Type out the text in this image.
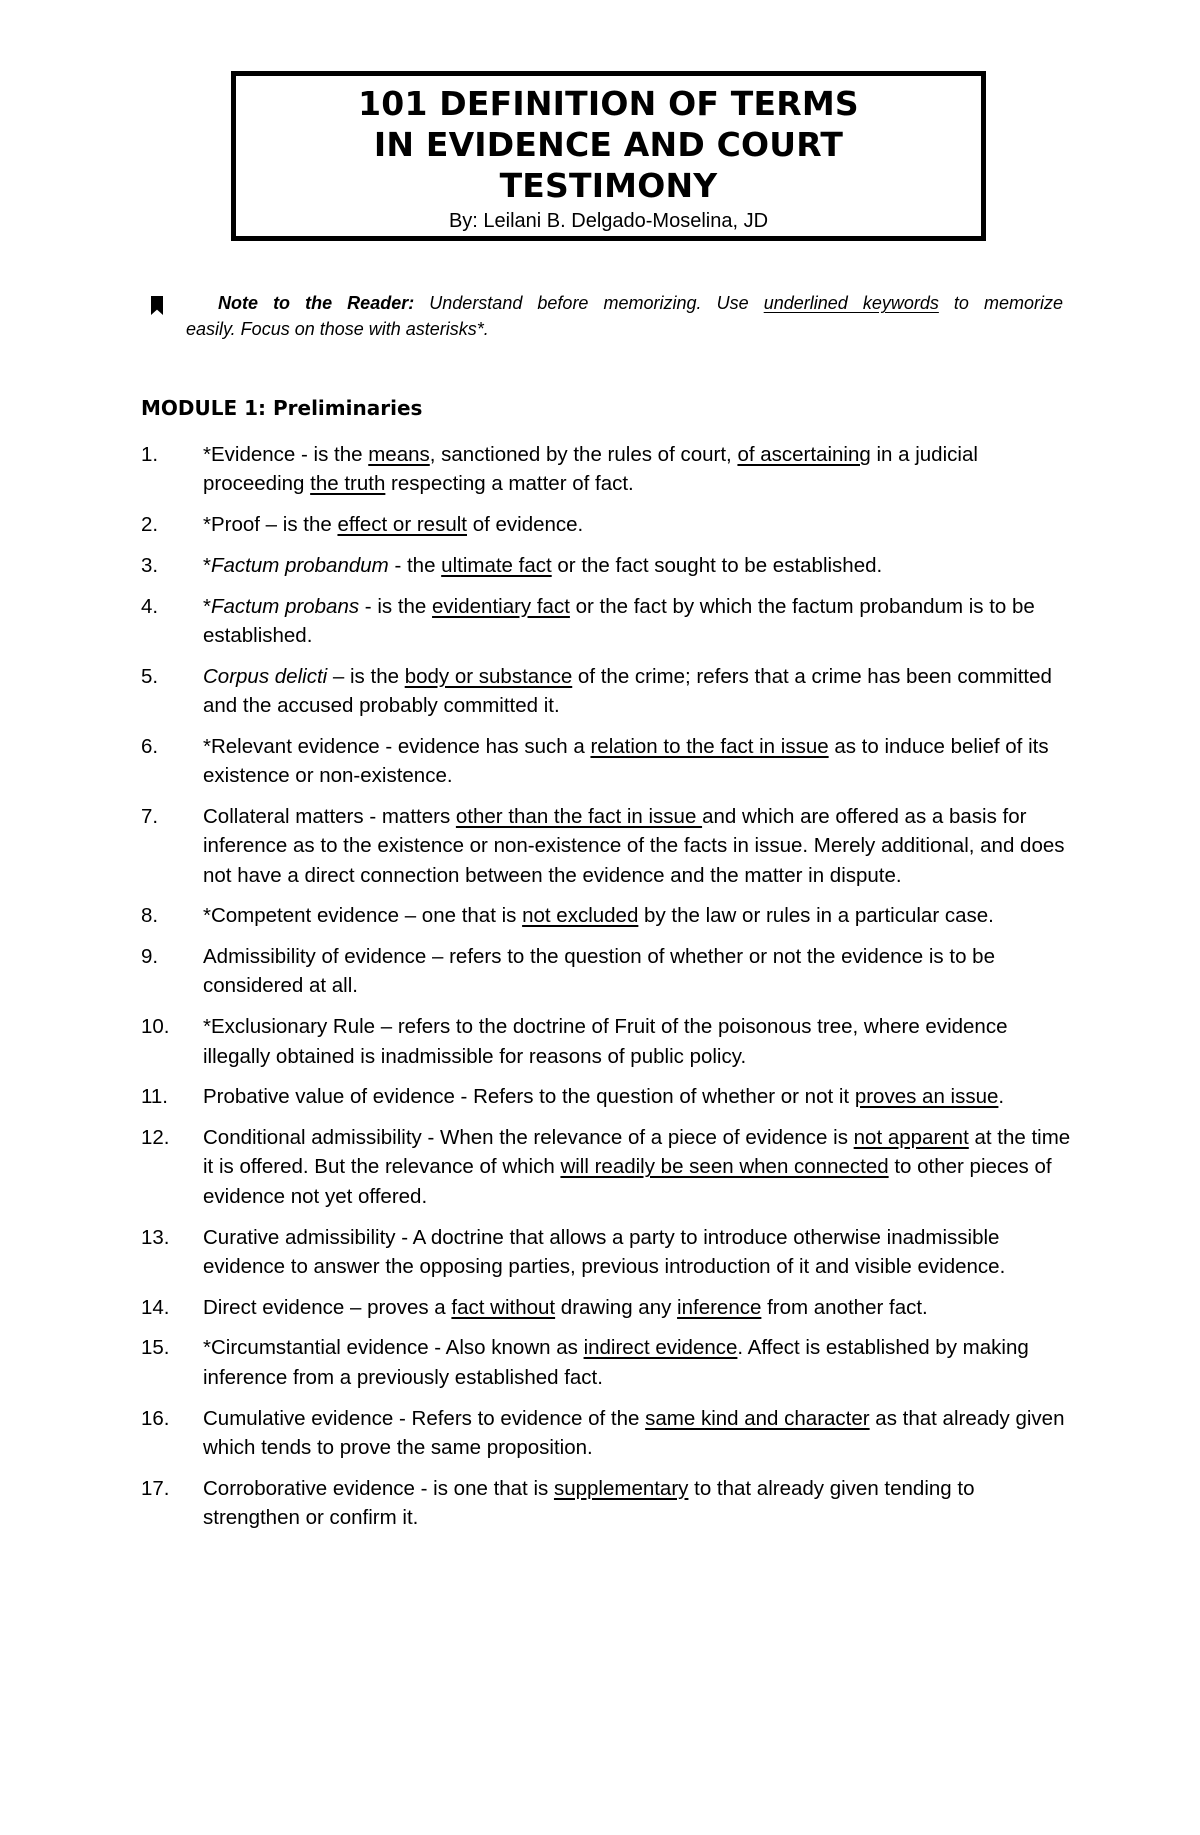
101 DEFINITION OF TERMS
IN EVIDENCE AND COURT
TESTIMONY
By: Leilani B. Delgado-Moselina, JD
Note to the Reader: Understand before memorizing. Use underlined keywords to memorize
easily. Focus on those with asterisks*.
MODULE 1: Preliminaries
1.	*Evidence - is the means, sanctioned by the rules of court, of ascertaining in a judicial proceeding the truth respecting a matter of fact.
2.	*Proof – is the effect or result of evidence.
3.	*Factum probandum - the ultimate fact or the fact sought to be established.
4.	*Factum probans - is the evidentiary fact or the fact by which the factum probandum is to be established.
5.	Corpus delicti – is the body or substance of the crime; refers that a crime has been committed and the accused probably committed it.
6.	*Relevant evidence - evidence has such a relation to the fact in issue as to induce belief of its existence or non-existence.
7.	Collateral matters - matters other than the fact in issue and which are offered as a basis for inference as to the existence or non-existence of the facts in issue. Merely additional, and does not have a direct connection between the evidence and the matter in dispute.
8.	*Competent evidence – one that is not excluded by the law or rules in a particular case.
9.	Admissibility of evidence – refers to the question of whether or not the evidence is to be considered at all.
10.	*Exclusionary Rule – refers to the doctrine of Fruit of the poisonous tree, where evidence illegally obtained is inadmissible for reasons of public policy.
11.	Probative value of evidence - Refers to the question of whether or not it proves an issue.
12.	Conditional admissibility - When the relevance of a piece of evidence is not apparent at the time it is offered. But the relevance of which will readily be seen when connected to other pieces of evidence not yet offered.
13.	Curative admissibility - A doctrine that allows a party to introduce otherwise inadmissible evidence to answer the opposing parties, previous introduction of it and visible evidence.
14.	Direct evidence – proves a fact without drawing any inference from another fact.
15.	*Circumstantial evidence - Also known as indirect evidence. Affect is established by making inference from a previously established fact.
16.	Cumulative evidence - Refers to evidence of the same kind and character as that already given which tends to prove the same proposition.
17.	Corroborative evidence - is one that is supplementary to that already given tending to strengthen or confirm it.
